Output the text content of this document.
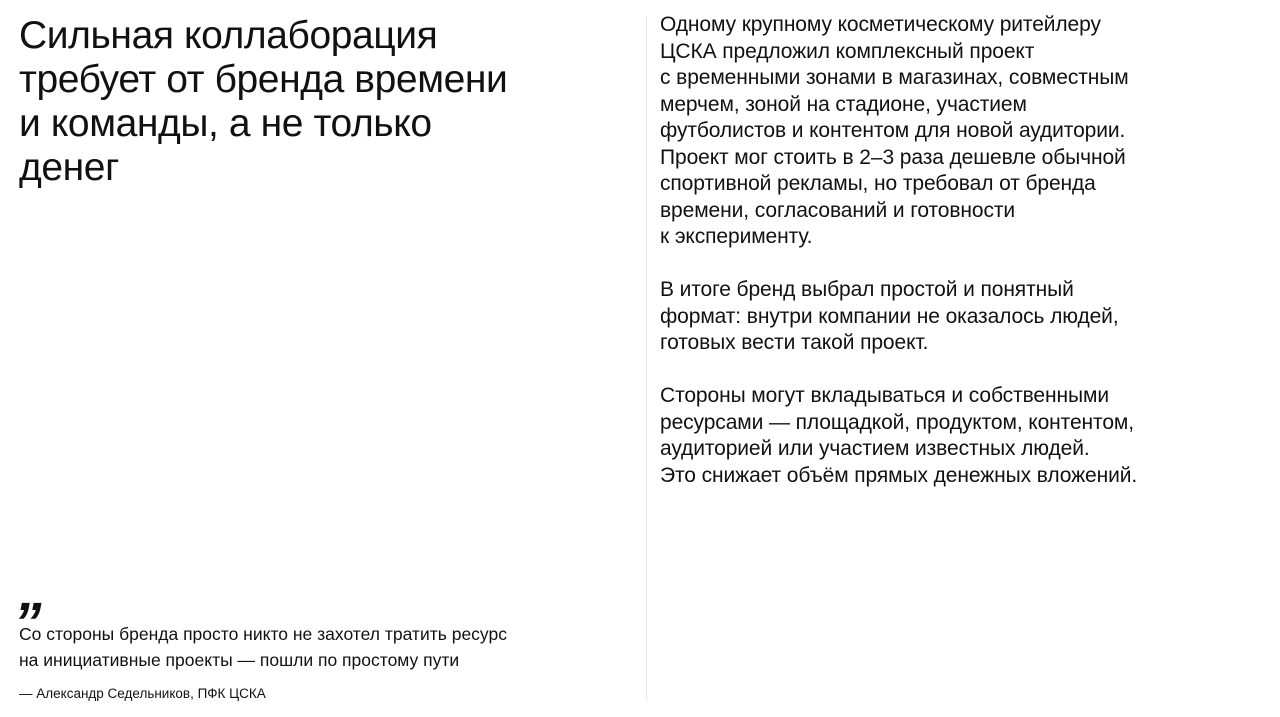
Сильная коллаборация
требует от бренда времени
и команды, а не только
денег
„

Со стороны бренда просто никто не захотел тратить ресурс
на инициативные проекты — пошли по простому пути

— Александр Седельников, ПФК ЦСКА

Одному крупному косметическому ритейлеру
ЦСКА предложил комплексный проект
с временными зонами в магазинах, совместным
мерчем, зоной на стадионе, участием
футболистов и контентом для новой аудитории.
Проект мог стоить в 2–3 раза дешевле обычной
спортивной рекламы, но требовал от бренда
времени, согласований и готовности
к эксперименту.

В итоге бренд выбрал простой и понятный
формат: внутри компании не оказалось людей,
готовых вести такой проект.

Стороны могут вкладываться и собственными
ресурсами — площадкой, продуктом, контентом,
аудиторией или участием известных людей.
Это снижает объём прямых денежных вложений.
